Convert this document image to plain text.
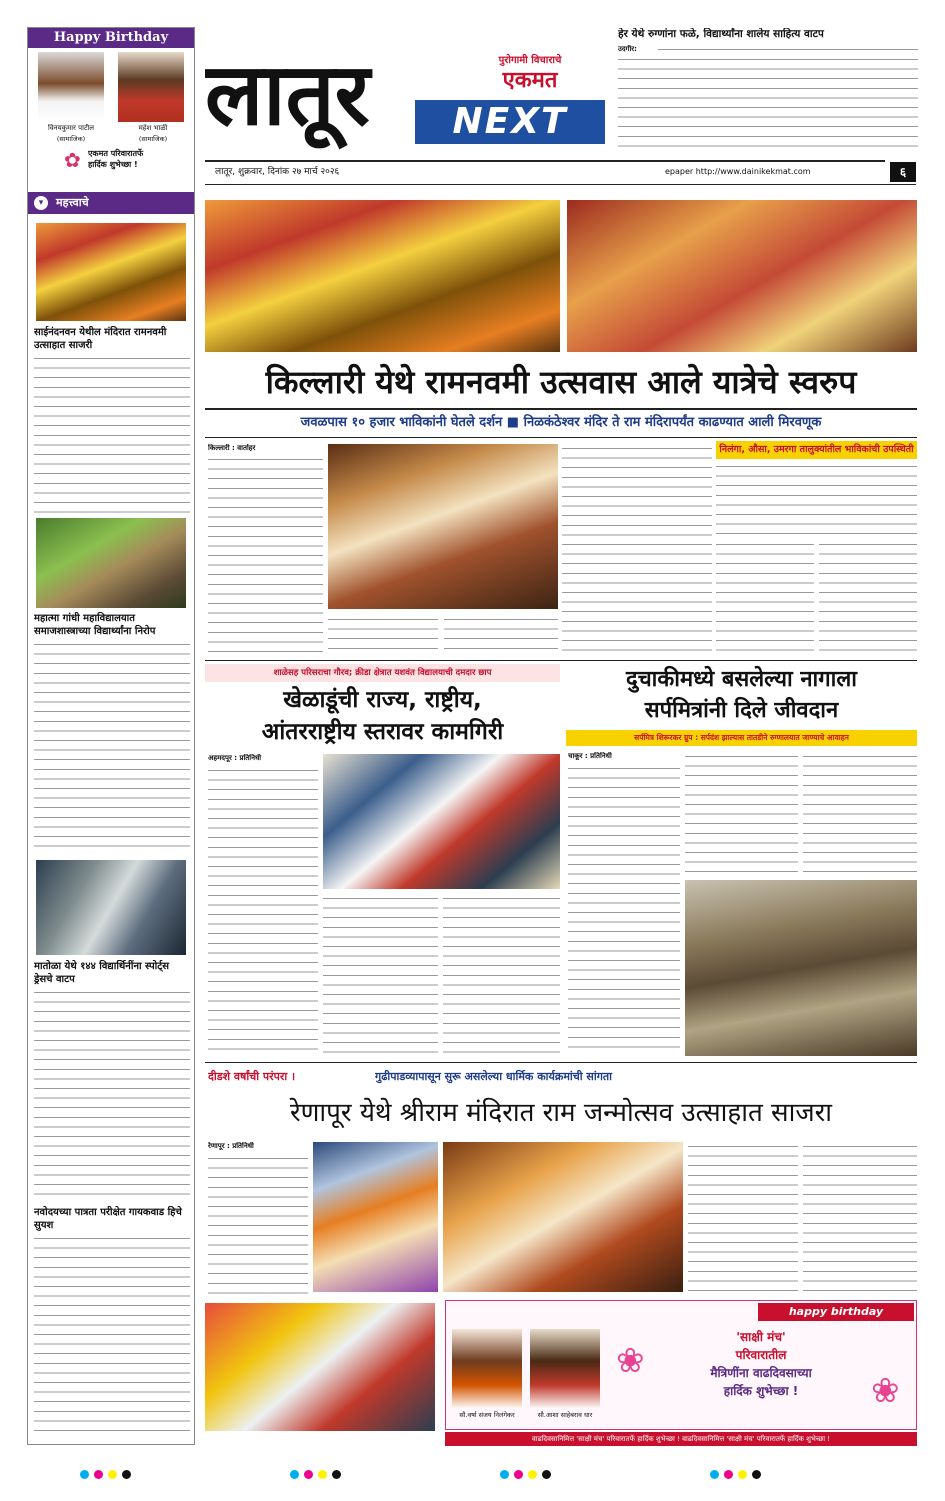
Happy Birthday
विनयकुमार पाटील	महेश भाळी
(सामाजिक)	(सामाजिक)
✿ एकमत परिवारातर्फे
हार्दिक शुभेच्छा !
महत्त्वाचे
▾
साईनंदनवन येथील मंदिरात रामनवमी उत्साहात साजरी
महात्मा गांधी महाविद्यालयात समाजशास्त्राच्या विद्यार्थ्यांना निरोप
मातोळा येथे १४४ विद्यार्थिनींना स्पोर्ट्स ड्रेसचे वाटप
नवोदयच्या पात्रता परीक्षेत गायकवाड हिचे सुयश
लातूर	पुरोगामी विचाराचे
एकमत
NEXT
लातूर, शुक्रवार, दिनांक २७ मार्च २०२६	epaper http://www.dainikekmat.com	६
हेर येथे रुग्णांना फळे, विद्यार्थ्यांना शालेय साहित्य वाटप
उदगीर:
किल्लारी येथे रामनवमी उत्सवास आले यात्रेचे स्वरुप
जवळपास १० हजार भाविकांनी घेतले दर्शन ■ निळकंठेश्वर मंदिर ते राम मंदिरापर्यंत काढण्यात आली मिरवणूक
किल्लारी : वार्ताहर	निलंगा, औसा, उमरगा तालुक्यांतील भाविकांची उपस्थिती
शाळेसह परिसराचा गौरव; क्रीडा क्षेत्रात यशवंत विद्यालयाची दमदार छाप
खेळाडूंची राज्य, राष्ट्रीय,
आंतरराष्ट्रीय स्तरावर कामगिरी
अहमदपूर : प्रतिनिधी
दुचाकीमध्ये बसलेल्या नागाला
सर्पमित्रांनी दिले जीवदान
सर्पमित्र शिरूरकर ग्रुप : सर्पदंश झाल्यास तातडीने रुग्णालयात जाण्याचे आवाहन
चाकूर : प्रतिनिधी
दीडशे वर्षांची परंपरा ।	गुढीपाडव्यापासून सुरू असलेल्या धार्मिक कार्यक्रमांची सांगता
रेणापूर येथे श्रीराम मंदिरात राम जन्मोत्सव उत्साहात साजरा
रेणापूर : प्रतिनिधी
happy birthday
सौ.वर्षा संजय निलंगेकर	सौ.आशा साहेबराव धार
❀
❀
'साक्षी मंच'
परिवारातील
मैत्रिणींना वाढदिवसाच्या
हार्दिक शुभेच्छा !
वाढदिवसानिमित्त 'साक्षी मंच' परिवारातर्फे हार्दिक शुभेच्छा ! वाढदिवसानिमित्त 'साक्षी मंच' परिवारातर्फे हार्दिक शुभेच्छा !
